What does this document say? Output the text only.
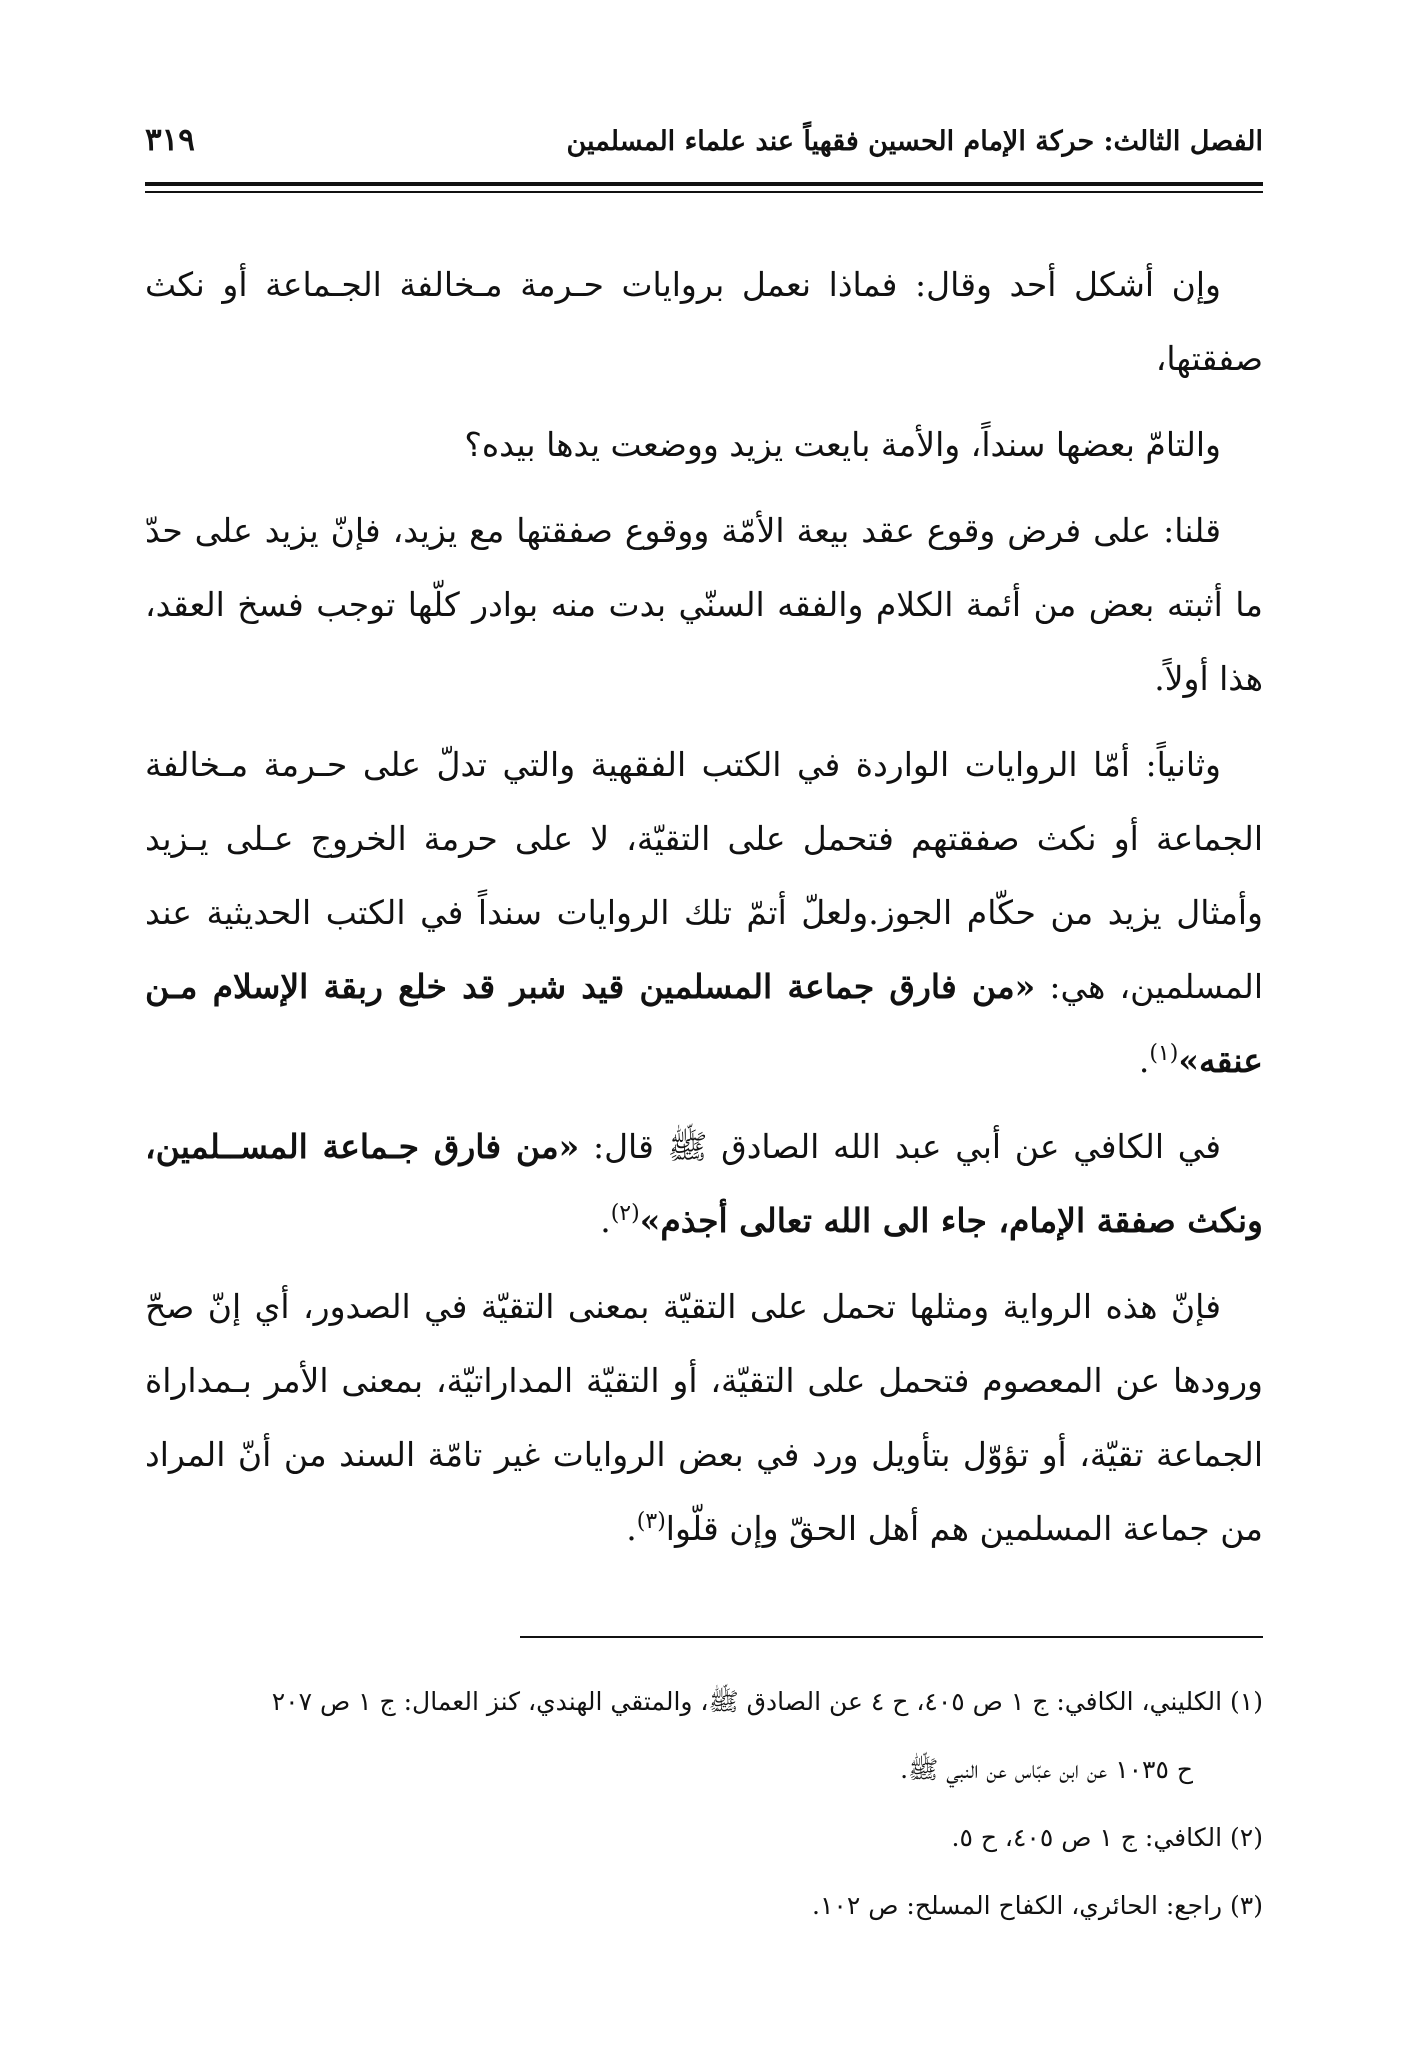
الفصل الثالث: حركة الإمام الحسين فقهياً عند علماء المسلمين
٣١٩

وإن أشكل أحد وقال: فماذا نعمل بروايات حـرمة مـخالفة الجـماعة أو نكث صفقتها،

والتامّ بعضها سنداً، والأمة بايعت يزيد ووضعت يدها بيده؟

قلنا: على فرض وقوع عقد بيعة الأمّة ووقوع صفقتها مع يزيد، فإنّ يزيد على حدّ ما أثبته بعض من أئمة الكلام والفقه السنّي بدت منه بوادر كلّها توجب فسخ العقد، هذا أولاً.

وثانياً: أمّا الروايات الواردة في الكتب الفقهية والتي تدلّ على حـرمة مـخالفة الجماعة أو نكث صفقتهم فتحمل على التقيّة، لا على حرمة الخروج عـلى يـزيد وأمثال يزيد من حكّام الجوز.ولعلّ أتمّ تلك الروايات سنداً في الكتب الحديثية عند المسلمين، هي: «من فارق جماعة المسلمين قيد شبر قد خلع ربقة الإسلام مـن عنقه»$^{(١)}$.

في الكافي عن أبي عبد الله الصادق ﷺ قال: «من فارق جـماعة المســلمين، ونكث صفقة الإمام، جاء الى الله تعالى أجذم»$^{(٢)}$.

فإنّ هذه الرواية ومثلها تحمل على التقيّة بمعنى التقيّة في الصدور، أي إنّ صحّ ورودها عن المعصوم فتحمل على التقيّة، أو التقيّة المداراتيّة، بمعنى الأمر بـمداراة الجماعة تقيّة، أو تؤوّل بتأويل ورد في بعض الروايات غير تامّة السند من أنّ المراد من جماعة المسلمين هم أهل الحقّ وإن قلّوا$^{(٣)}$.

(١) الكليني، الكافي: ج ١ ص ٤٠٥، ح ٤ عن الصادق ﷺ، والمتقي الهندي، كنز العمال: ج ١ ص ٢٠٧

ح ١٠٣٥ عن ابن عبّاس عن النبي ﷺ.

(٢) الكافي: ج ١ ص ٤٠٥، ح ٥.

(٣) راجع: الحائري، الكفاح المسلح: ص ١٠٢.
